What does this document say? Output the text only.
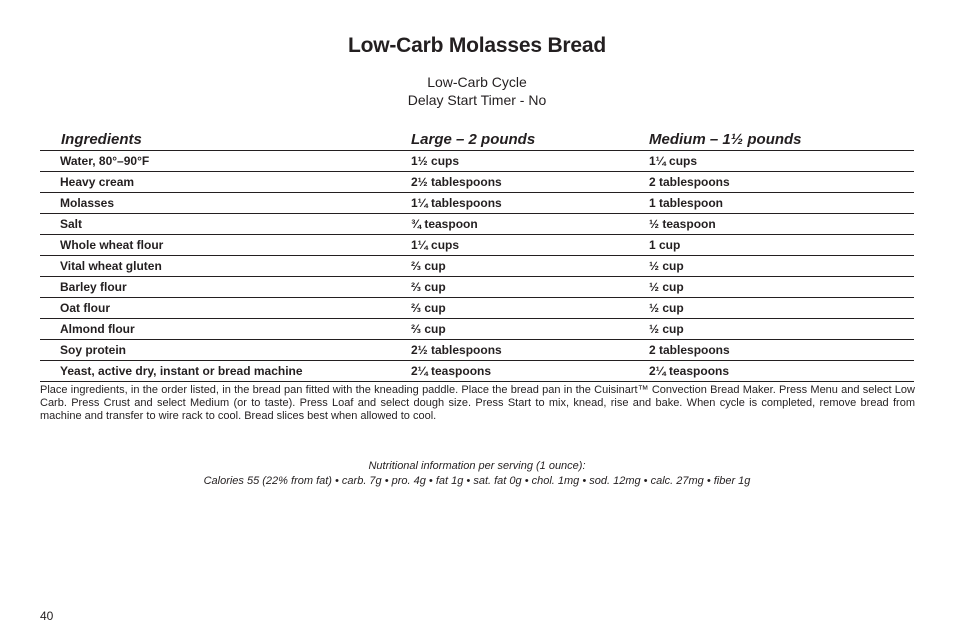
Low-Carb Molasses Bread
Low-Carb Cycle
Delay Start Timer - No
Ingredients	Large – 2 pounds	Medium – 1½ pounds
Water, 80°–90°F	1½ cups	1¼ cups
Heavy cream	2½ tablespoons	2 tablespoons
Molasses	1¼ tablespoons	1 tablespoon
Salt	¾ teaspoon	½ teaspoon
Whole wheat flour	1¼ cups	1 cup
Vital wheat gluten	⅔ cup	½ cup
Barley flour	⅔ cup	½ cup
Oat flour	⅔ cup	½ cup
Almond flour	⅔ cup	½ cup
Soy protein	2½ tablespoons	2 tablespoons
Yeast, active dry, instant or bread machine	2¼ teaspoons	2¼ teaspoons
Place ingredients, in the order listed, in the bread pan fitted with the kneading paddle. Place the bread pan in the Cuisinart™ Convection Bread Maker. Press Menu and select Low Carb. Press Crust and select Medium (or to taste). Press Loaf and select dough size. Press Start to mix, knead, rise and bake. When cycle is completed, remove bread from machine and transfer to wire rack to cool. Bread slices best when allowed to cool.
Nutritional information per serving (1 ounce):
Calories 55 (22% from fat) • carb. 7g • pro. 4g • fat 1g • sat. fat 0g • chol. 1mg • sod. 12mg • calc. 27mg • fiber 1g
40
